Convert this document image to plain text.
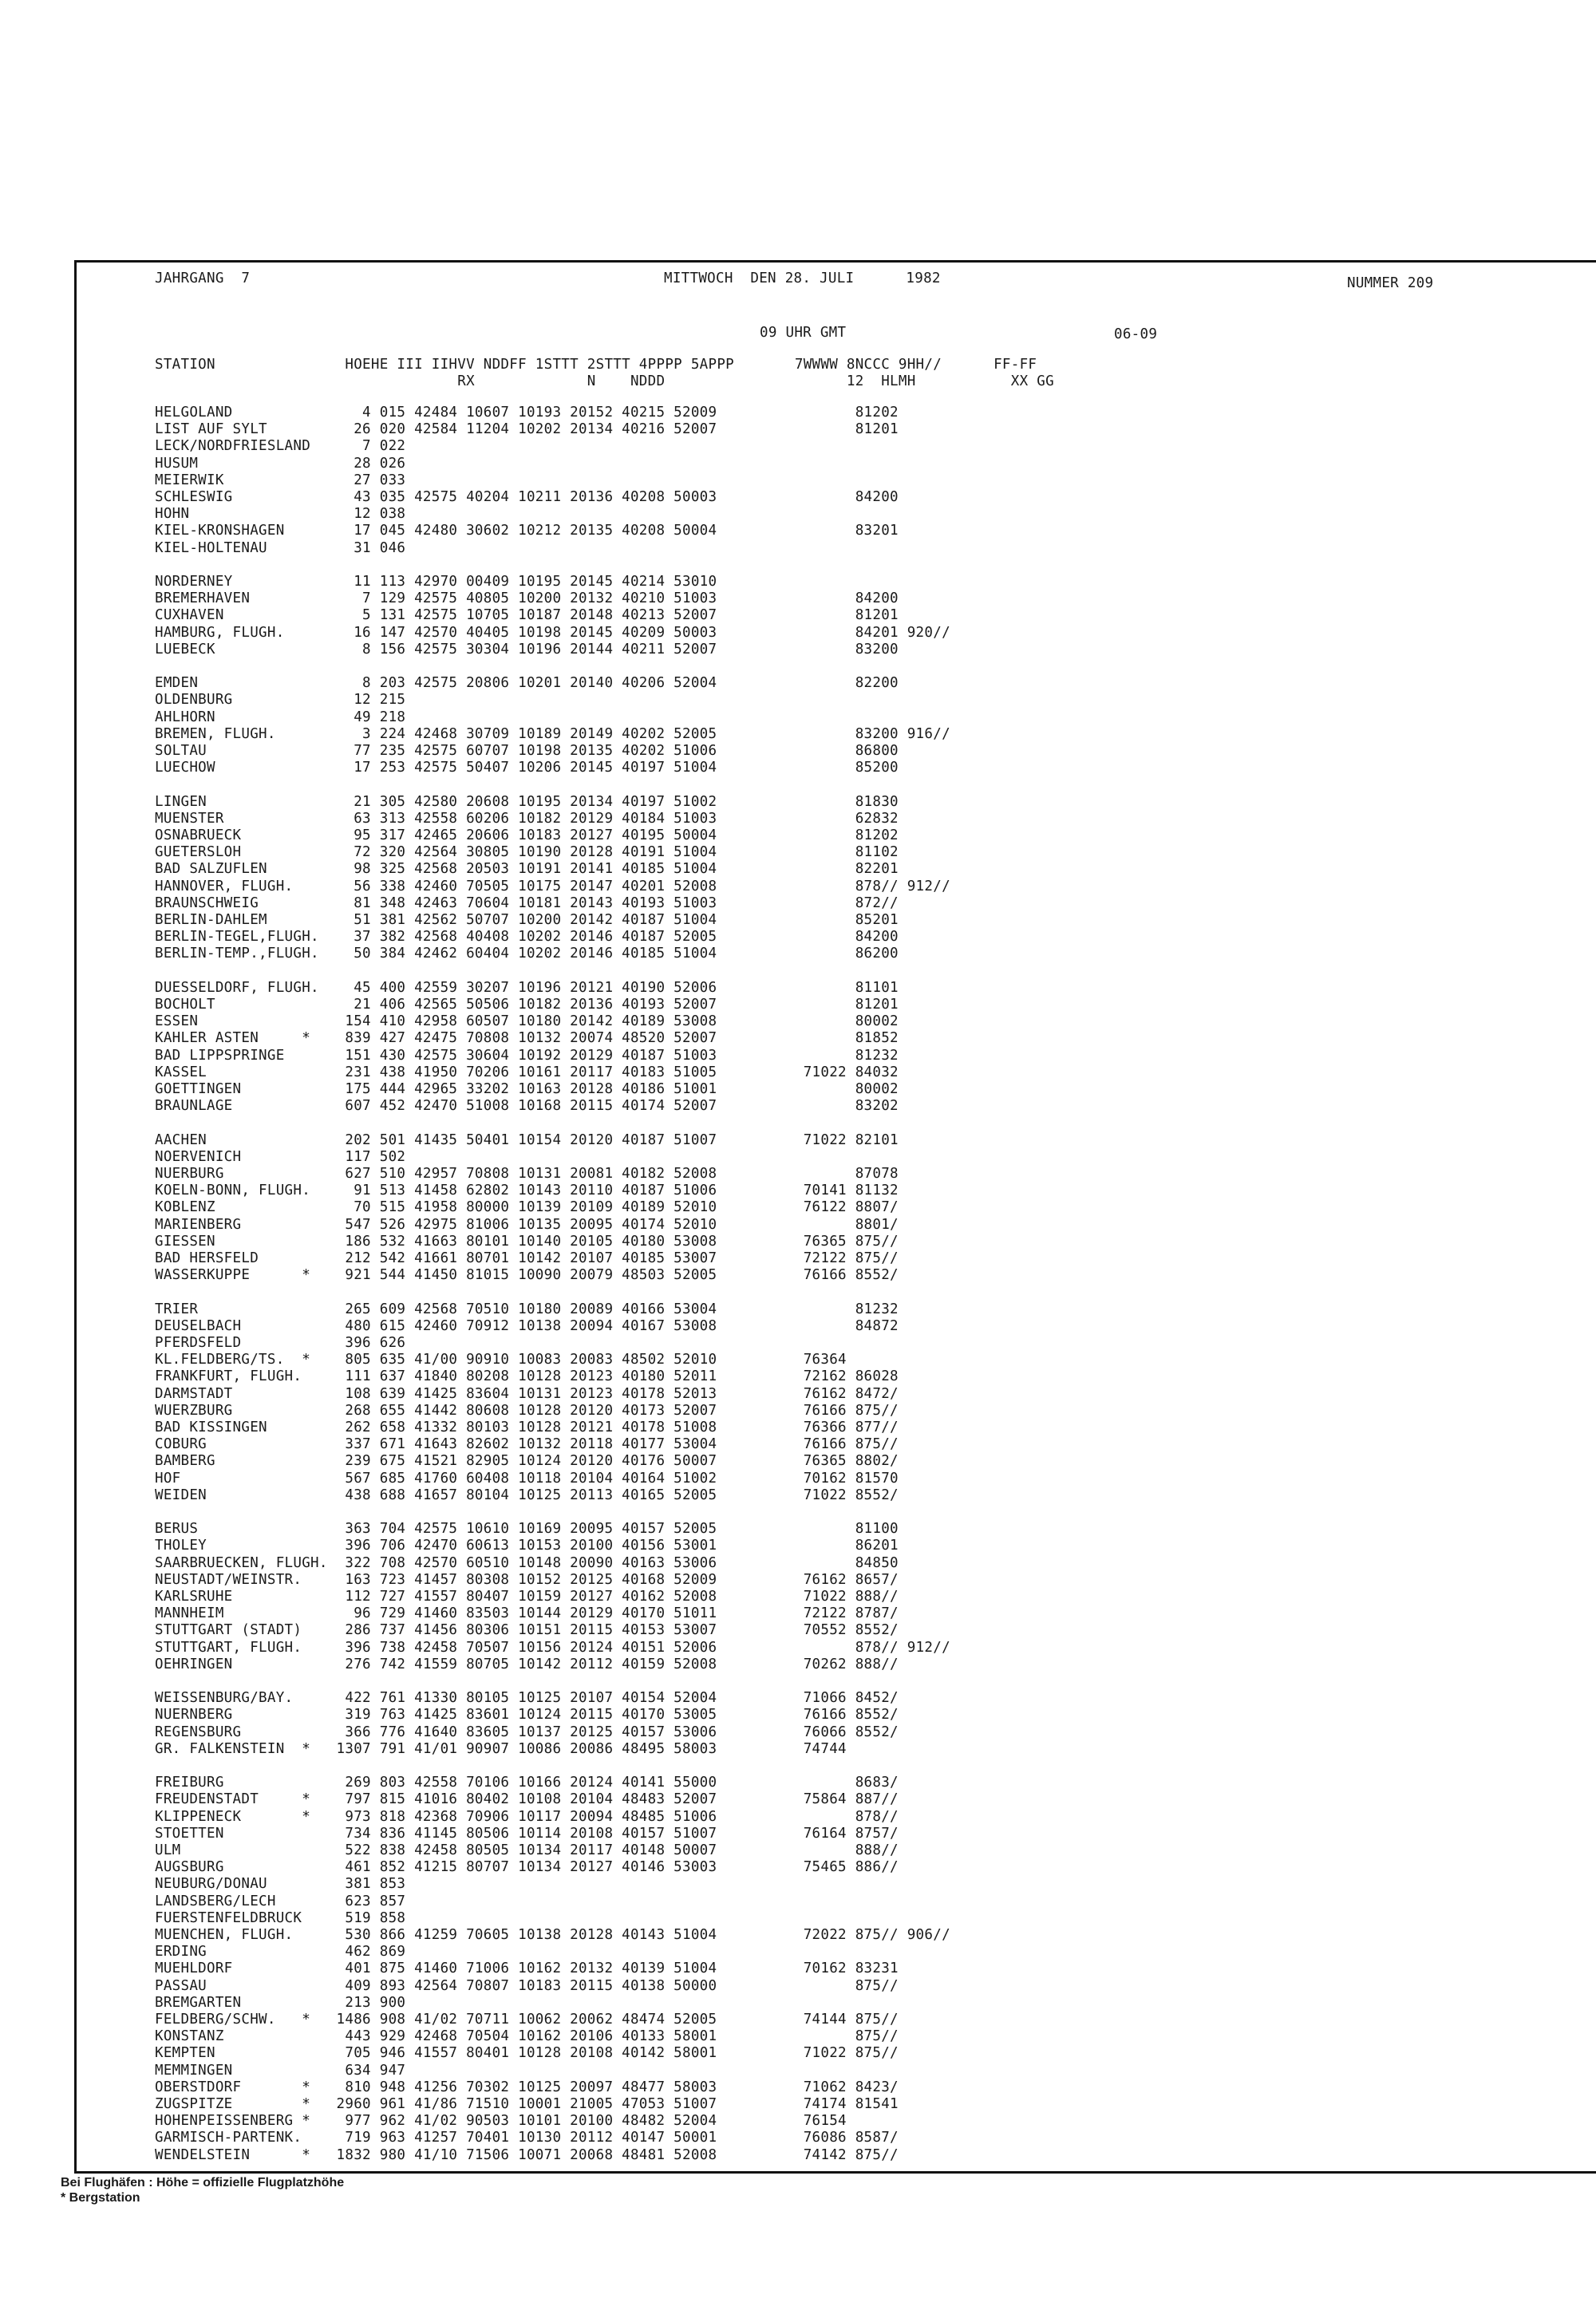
JAHRGANG  7	MITTWOCH  DEN 28. JULI      1982	NUMMER 209
09 UHR GMT	06-09
STATION               HOEHE III IIHVV NDDFF 1STTT 2STTT 4PPPP 5APPP       7WWWW 8NCCC 9HH//      FF-FF
RX             N    NDDD                     12  HLMH           XX GG
HELGOLAND               4 015 42484 10607 10193 20152 40215 52009                81202
LIST AUF SYLT          26 020 42584 11204 10202 20134 40216 52007                81201
LECK/NORDFRIESLAND      7 022
HUSUM                  28 026
MEIERWIK               27 033
SCHLESWIG              43 035 42575 40204 10211 20136 40208 50003                84200
HOHN                   12 038
KIEL-KRONSHAGEN        17 045 42480 30602 10212 20135 40208 50004                83201
KIEL-HOLTENAU          31 046
NORDERNEY              11 113 42970 00409 10195 20145 40214 53010
BREMERHAVEN             7 129 42575 40805 10200 20132 40210 51003                84200
CUXHAVEN                5 131 42575 10705 10187 20148 40213 52007                81201
HAMBURG, FLUGH.        16 147 42570 40405 10198 20145 40209 50003                84201 920//
LUEBECK                 8 156 42575 30304 10196 20144 40211 52007                83200
EMDEN                   8 203 42575 20806 10201 20140 40206 52004                82200
OLDENBURG              12 215
AHLHORN                49 218
BREMEN, FLUGH.          3 224 42468 30709 10189 20149 40202 52005                83200 916//
SOLTAU                 77 235 42575 60707 10198 20135 40202 51006                86800
LUECHOW                17 253 42575 50407 10206 20145 40197 51004                85200
LINGEN                 21 305 42580 20608 10195 20134 40197 51002                81830
MUENSTER               63 313 42558 60206 10182 20129 40184 51003                62832
OSNABRUECK             95 317 42465 20606 10183 20127 40195 50004                81202
GUETERSLOH             72 320 42564 30805 10190 20128 40191 51004                81102
BAD SALZUFLEN          98 325 42568 20503 10191 20141 40185 51004                82201
HANNOVER, FLUGH.       56 338 42460 70505 10175 20147 40201 52008                878// 912//
BRAUNSCHWEIG           81 348 42463 70604 10181 20143 40193 51003                872//
BERLIN-DAHLEM          51 381 42562 50707 10200 20142 40187 51004                85201
BERLIN-TEGEL,FLUGH.    37 382 42568 40408 10202 20146 40187 52005                84200
BERLIN-TEMP.,FLUGH.    50 384 42462 60404 10202 20146 40185 51004                86200
DUESSELDORF, FLUGH.    45 400 42559 30207 10196 20121 40190 52006                81101
BOCHOLT                21 406 42565 50506 10182 20136 40193 52007                81201
ESSEN                 154 410 42958 60507 10180 20142 40189 53008                80002
KAHLER ASTEN     *    839 427 42475 70808 10132 20074 48520 52007                81852
BAD LIPPSPRINGE       151 430 42575 30604 10192 20129 40187 51003                81232
KASSEL                231 438 41950 70206 10161 20117 40183 51005          71022 84032
GOETTINGEN            175 444 42965 33202 10163 20128 40186 51001                80002
BRAUNLAGE             607 452 42470 51008 10168 20115 40174 52007                83202
AACHEN                202 501 41435 50401 10154 20120 40187 51007          71022 82101
NOERVENICH            117 502
NUERBURG              627 510 42957 70808 10131 20081 40182 52008                87078
KOELN-BONN, FLUGH.     91 513 41458 62802 10143 20110 40187 51006          70141 81132
KOBLENZ                70 515 41958 80000 10139 20109 40189 52010          76122 8807/
MARIENBERG            547 526 42975 81006 10135 20095 40174 52010                8801/
GIESSEN               186 532 41663 80101 10140 20105 40180 53008          76365 875//
BAD HERSFELD          212 542 41661 80701 10142 20107 40185 53007          72122 875//
WASSERKUPPE      *    921 544 41450 81015 10090 20079 48503 52005          76166 8552/
TRIER                 265 609 42568 70510 10180 20089 40166 53004                81232
DEUSELBACH            480 615 42460 70912 10138 20094 40167 53008                84872
PFERDSFELD            396 626
KL.FELDBERG/TS.  *    805 635 41/00 90910 10083 20083 48502 52010          76364
FRANKFURT, FLUGH.     111 637 41840 80208 10128 20123 40180 52011          72162 86028
DARMSTADT             108 639 41425 83604 10131 20123 40178 52013          76162 8472/
WUERZBURG             268 655 41442 80608 10128 20120 40173 52007          76166 875//
BAD KISSINGEN         262 658 41332 80103 10128 20121 40178 51008          76366 877//
COBURG                337 671 41643 82602 10132 20118 40177 53004          76166 875//
BAMBERG               239 675 41521 82905 10124 20120 40176 50007          76365 8802/
HOF                   567 685 41760 60408 10118 20104 40164 51002          70162 81570
WEIDEN                438 688 41657 80104 10125 20113 40165 52005          71022 8552/
BERUS                 363 704 42575 10610 10169 20095 40157 52005                81100
THOLEY                396 706 42470 60613 10153 20100 40156 53001                86201
SAARBRUECKEN, FLUGH.  322 708 42570 60510 10148 20090 40163 53006                84850
NEUSTADT/WEINSTR.     163 723 41457 80308 10152 20125 40168 52009          76162 8657/
KARLSRUHE             112 727 41557 80407 10159 20127 40162 52008          71022 888//
MANNHEIM               96 729 41460 83503 10144 20129 40170 51011          72122 8787/
STUTTGART (STADT)     286 737 41456 80306 10151 20115 40153 53007          70552 8552/
STUTTGART, FLUGH.     396 738 42458 70507 10156 20124 40151 52006                878// 912//
OEHRINGEN             276 742 41559 80705 10142 20112 40159 52008          70262 888//
WEISSENBURG/BAY.      422 761 41330 80105 10125 20107 40154 52004          71066 8452/
NUERNBERG             319 763 41425 83601 10124 20115 40170 53005          76166 8552/
REGENSBURG            366 776 41640 83605 10137 20125 40157 53006          76066 8552/
GR. FALKENSTEIN  *   1307 791 41/01 90907 10086 20086 48495 58003          74744
FREIBURG              269 803 42558 70106 10166 20124 40141 55000                8683/
FREUDENSTADT     *    797 815 41016 80402 10108 20104 48483 52007          75864 887//
KLIPPENECK       *    973 818 42368 70906 10117 20094 48485 51006                878//
STOETTEN              734 836 41145 80506 10114 20108 40157 51007          76164 8757/
ULM                   522 838 42458 80505 10134 20117 40148 50007                888//
AUGSBURG              461 852 41215 80707 10134 20127 40146 53003          75465 886//
NEUBURG/DONAU         381 853
LANDSBERG/LECH        623 857
FUERSTENFELDBRUCK     519 858
MUENCHEN, FLUGH.      530 866 41259 70605 10138 20128 40143 51004          72022 875// 906//
ERDING                462 869
MUEHLDORF             401 875 41460 71006 10162 20132 40139 51004          70162 83231
PASSAU                409 893 42564 70807 10183 20115 40138 50000                875//
BREMGARTEN            213 900
FELDBERG/SCHW.   *   1486 908 41/02 70711 10062 20062 48474 52005          74144 875//
KONSTANZ              443 929 42468 70504 10162 20106 40133 58001                875//
KEMPTEN               705 946 41557 80401 10128 20108 40142 58001          71022 875//
MEMMINGEN             634 947
OBERSTDORF       *    810 948 41256 70302 10125 20097 48477 58003          71062 8423/
ZUGSPITZE        *   2960 961 41/86 71510 10001 21005 47053 51007          74174 81541
HOHENPEISSENBERG *    977 962 41/02 90503 10101 20100 48482 52004          76154
GARMISCH-PARTENK.     719 963 41257 70401 10130 20112 40147 50001          76086 8587/
WENDELSTEIN      *   1832 980 41/10 71506 10071 20068 48481 52008          74142 875//
Bei Flughäfen : Höhe = offizielle Flugplatzhöhe
* Bergstation
